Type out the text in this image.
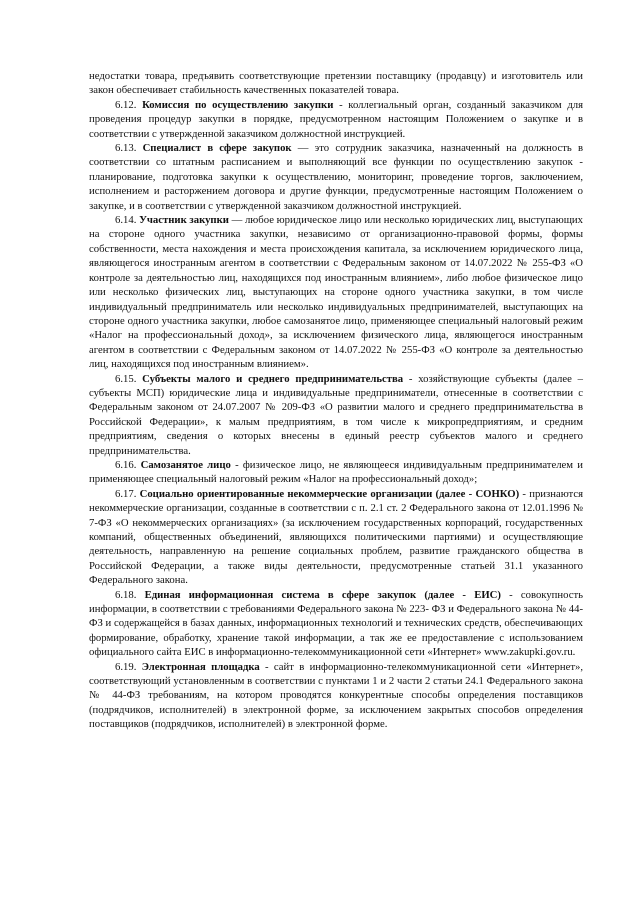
недостатки товара, предъявить соответствующие претензии поставщику (продавцу) и изготовитель или закон обеспечивает стабильность качественных показателей товара.

6.12. Комиссия по осуществлению закупки - коллегиальный орган, созданный заказчиком для проведения процедур закупки в порядке, предусмотренном настоящим Положением о закупке и в соответствии с утвержденной заказчиком должностной инструкцией.

6.13. Специалист в сфере закупок — это сотрудник заказчика, назначенный на должность в соответствии со штатным расписанием и выполняющий все функции по осуществлению закупок - планирование, подготовка закупки к осуществлению, мониторинг, проведение торгов, заключением, исполнением и расторжением договора и другие функции, предусмотренные настоящим Положением о закупке, и в соответствии с утвержденной заказчиком должностной инструкцией.

6.14. Участник закупки — любое юридическое лицо или несколько юридических лиц, выступающих на стороне одного участника закупки, независимо от организационно-правовой формы, формы собственности, места нахождения и места происхождения капитала, за исключением юридического лица, являющегося иностранным агентом в соответствии с Федеральным законом от 14.07.2022 № 255-ФЗ «О контроле за деятельностью лиц, находящихся под иностранным влиянием», либо любое физическое лицо или несколько физических лиц, выступающих на стороне одного участника закупки, в том числе индивидуальный предприниматель или несколько индивидуальных предпринимателей, выступающих на стороне одного участника закупки, любое самозанятое лицо, применяющее специальный налоговый режим «Налог на профессиональный доход», за исключением физического лица, являющегося иностранным агентом в соответствии с Федеральным законом от 14.07.2022 № 255-ФЗ «О контроле за деятельностью лиц, находящихся под иностранным влиянием».

6.15. Субъекты малого и среднего предпринимательства - хозяйствующие субъекты (далее – субъекты МСП) юридические лица и индивидуальные предприниматели, отнесенные в соответствии с Федеральным законом от 24.07.2007 № 209-ФЗ «О развитии малого и среднего предпринимательства в Российской Федерации», к малым предприятиям, в том числе к микропредприятиям, и средним предприятиям, сведения о которых внесены в единый реестр субъектов малого и среднего предпринимательства.

6.16. Самозанятое лицо - физическое лицо, не являющееся индивидуальным предпринимателем и применяющее специальный налоговый режим «Налог на профессиональный доход»;

6.17. Социально ориентированные некоммерческие организации (далее - СОНКО) - признаются некоммерческие организации, созданные в соответствии с п. 2.1 ст. 2 Федерального закона от 12.01.1996 № 7-ФЗ «О некоммерческих организациях» (за исключением государственных корпораций, государственных компаний, общественных объединений, являющихся политическими партиями) и осуществляющие деятельность, направленную на решение социальных проблем, развитие гражданского общества в Российской Федерации, а также виды деятельности, предусмотренные статьей 31.1 указанного Федерального закона.

6.18. Единая информационная система в сфере закупок (далее - ЕИС) - совокупность информации, в соответствии с требованиями Федерального закона № 223- ФЗ и Федерального закона № 44-ФЗ и содержащейся в базах данных, информационных технологий и технических средств, обеспечивающих формирование, обработку, хранение такой информации, а так же ее предоставление с использованием официального сайта ЕИС в информационно-телекоммуникационной сети «Интернет» www.zakupki.gov.ru.

6.19. Электронная площадка - сайт в информационно-телекоммуникационной сети «Интернет», соответствующий установленным в соответствии с пунктами 1 и 2 части 2 статьи 24.1 Федерального закона № 44-ФЗ требованиям, на котором проводятся конкурентные способы определения поставщиков (подрядчиков, исполнителей) в электронной форме, за исключением закрытых способов определения поставщиков (подрядчиков, исполнителей) в электронной форме.
